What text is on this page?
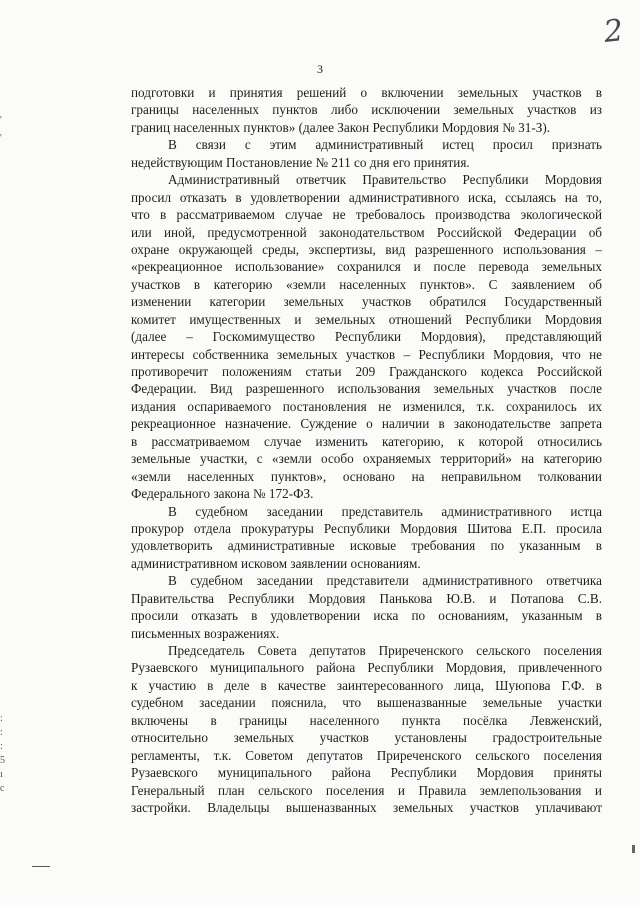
2
3
'
'
:
:
:
5
ı
c
подготовки и принятия решений о включении земельных участков в
границы населенных пунктов либо исключении земельных участков из
границ населенных пунктов» (далее Закон Республики Мордовия № 31-З).
В связи с этим административный истец просил признать
недействующим Постановление № 211 со дня его принятия.
Административный ответчик Правительство Республики Мордовия
просил отказать в удовлетворении административного иска, ссылаясь на то,
что в рассматриваемом случае не требовалось производства экологической
или иной, предусмотренной законодательством Российской Федерации об
охране окружающей среды, экспертизы, вид разрешенного использования –
«рекреационное использование» сохранился и после перевода земельных
участков в категорию «земли населенных пунктов». С заявлением об
изменении категории земельных участков обратился Государственный
комитет имущественных и земельных отношений Республики Мордовия
(далее – Госкомимущество Республики Мордовия), представляющий
интересы собственника земельных участков – Республики Мордовия, что не
противоречит положениям статьи 209 Гражданского кодекса Российской
Федерации. Вид разрешенного использования земельных участков после
издания оспариваемого постановления не изменился, т.к. сохранилось их
рекреационное назначение. Суждение о наличии в законодательстве запрета
в рассматриваемом случае изменить категорию, к которой относились
земельные участки, с «земли особо охраняемых территорий» на категорию
«земли населенных пунктов», основано на неправильном толковании
Федерального закона № 172-ФЗ.
В судебном заседании представитель административного истца
прокурор отдела прокуратуры Республики Мордовия Шитова Е.П. просила
удовлетворить административные исковые требования по указанным в
административном исковом заявлении основаниям.
В судебном заседании представители административного ответчика
Правительства Республики Мордовия Панькова Ю.В. и Потапова С.В.
просили отказать в удовлетворении иска по основаниям, указанным в
письменных возражениях.
Председатель Совета депутатов Приреченского сельского поселения
Рузаевского муниципального района Республики Мордовия, привлеченного
к участию в деле в качестве заинтересованного лица, Шуюпова Г.Ф. в
судебном заседании пояснила, что вышеназванные земельные участки
включены в границы населенного пункта посёлка Левженский,
относительно земельных участков установлены градостроительные
регламенты, т.к. Советом депутатов Приреченского сельского поселения
Рузаевского муниципального района Республики Мордовия приняты
Генеральный план сельского поселения и Правила землепользования и
застройки. Владельцы вышеназванных земельных участков уплачивают
